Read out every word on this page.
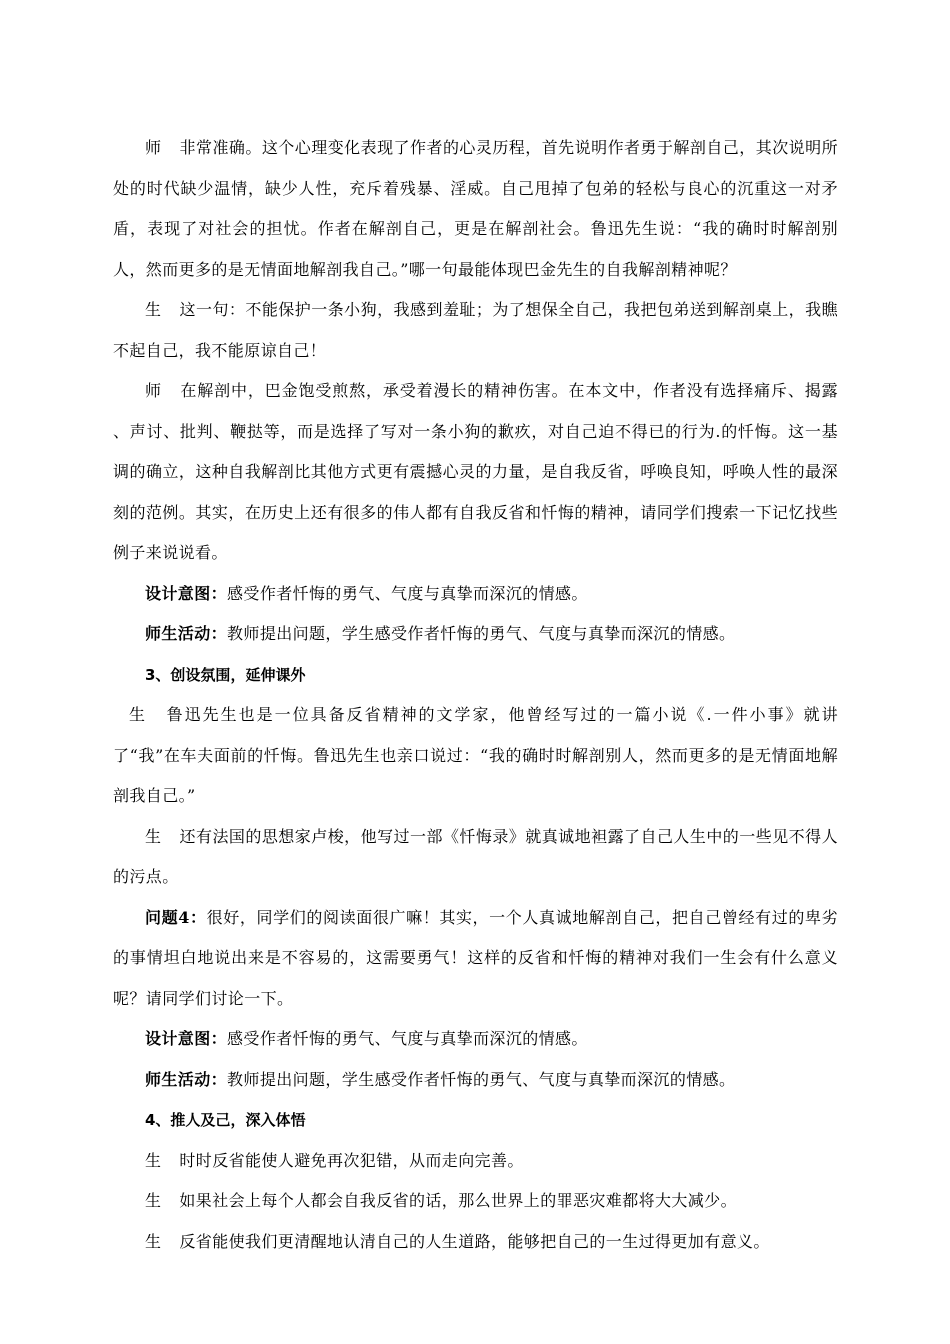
师 非常准确。这个心理变化表现了作者的心灵历程，首先说明作者勇于解剖自己，其次说明所处的时代缺少温情，缺少人性，充斥着残暴、淫威。自己甩掉了包弟的轻松与良心的沉重这一对矛盾，表现了对社会的担忧。作者在解剖自己，更是在解剖社会。鲁迅先生说：“我的确时时解剖别人，然而更多的是无情面地解剖我自己。”哪一句最能体现巴金先生的自我解剖精神呢？

生 这一句：不能保护一条小狗，我感到羞耻；为了想保全自己，我把包弟送到解剖桌上，我瞧不起自己，我不能原谅自己！

师 在解剖中，巴金饱受煎熬，承受着漫长的精神伤害。在本文中，作者没有选择痛斥、揭露 、声讨、批判、鞭挞等，而是选择了写对一条小狗的歉疚，对自己迫不得已的行为.的忏悔。这一基调的确立，这种自我解剖比其他方式更有震撼心灵的力量，是自我反省，呼唤良知，呼唤人性的最深刻的范例。其实，在历史上还有很多的伟人都有自我反省和忏悔的精神，请同学们搜索一下记忆找些例子来说说看。

设计意图：感受作者忏悔的勇气、气度与真挚而深沉的情感。

师生活动：教师提出问题，学生感受作者忏悔的勇气、气度与真挚而深沉的情感。

3、创设氛围，延伸课外

生 鲁迅先生也是一位具备反省精神的文学家，他曾经写过的一篇小说《.一件小事》就讲了“我”在车夫面前的忏悔。鲁迅先生也亲口说过：“我的确时时解剖别人，然而更多的是无情面地解剖我自己。”

生 还有法国的思想家卢梭，他写过一部《忏悔录》就真诚地袒露了自己人生中的一些见不得人的污点。

问题4：很好，同学们的阅读面很广嘛！其实，一个人真诚地解剖自己，把自己曾经有过的卑劣的事情坦白地说出来是不容易的，这需要勇气！这样的反省和忏悔的精神对我们一生会有什么意义呢？请同学们讨论一下。

设计意图：感受作者忏悔的勇气、气度与真挚而深沉的情感。

师生活动：教师提出问题，学生感受作者忏悔的勇气、气度与真挚而深沉的情感。

4、推人及己，深入体悟

生 时时反省能使人避免再次犯错，从而走向完善。

生 如果社会上每个人都会自我反省的话，那么世界上的罪恶灾难都将大大减少。

生 反省能使我们更清醒地认清自己的人生道路，能够把自己的一生过得更加有意义。
